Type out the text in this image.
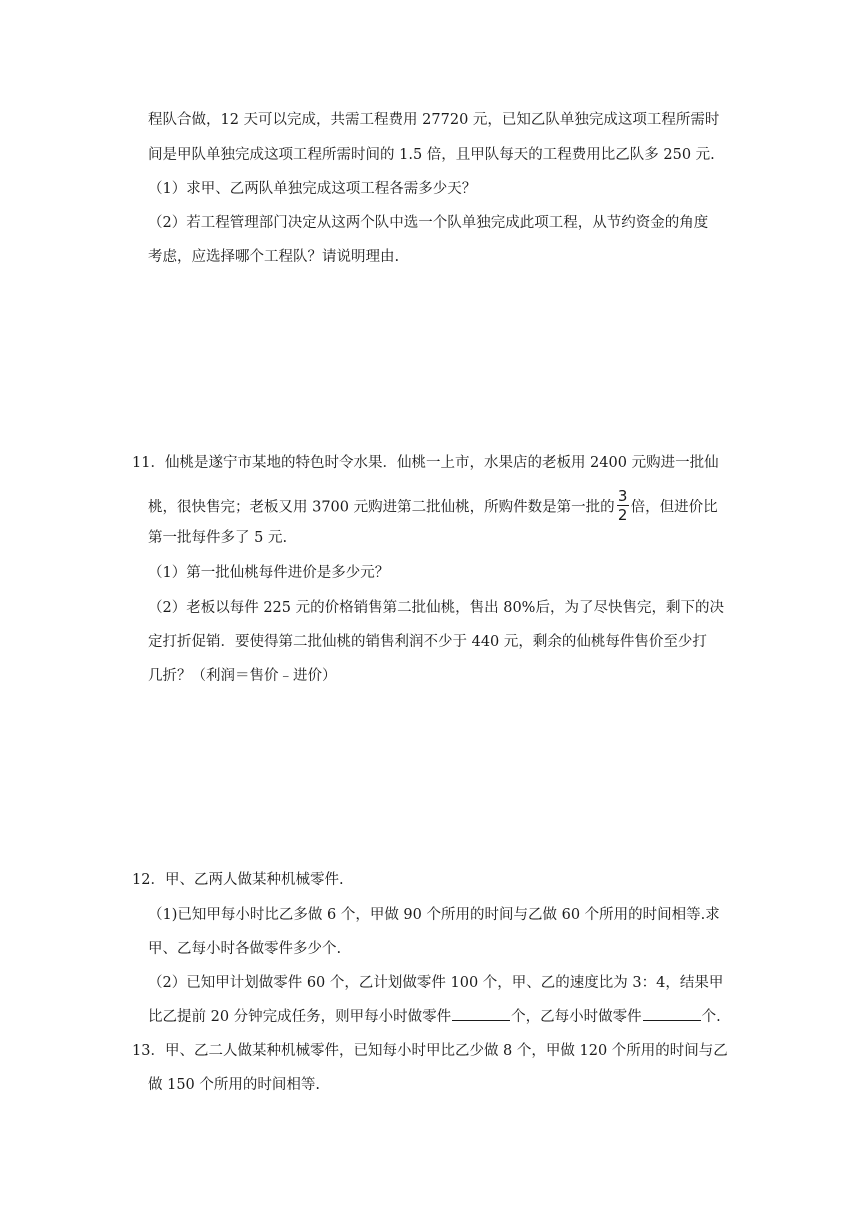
程队合做，12 天可以完成，共需工程费用 27720 元，已知乙队单独完成这项工程所需时
间是甲队单独完成这项工程所需时间的 1.5 倍，且甲队每天的工程费用比乙队多 250 元.
（1）求甲、乙两队单独完成这项工程各需多少天？
（2）若工程管理部门决定从这两个队中选一个队单独完成此项工程，从节约资金的角度
考虑，应选择哪个工程队？请说明理由.
11．仙桃是遂宁市某地的特色时令水果．仙桃一上市，水果店的老板用 2400 元购进一批仙
桃，很快售完；老板又用 3700 元购进第二批仙桃，所购件数是第一批的 $\frac{3}{2}$ 倍，但进价比
第一批每件多了 5 元.
（1）第一批仙桃每件进价是多少元？
（2）老板以每件 225 元的价格销售第二批仙桃，售出 80%后，为了尽快售完，剩下的决
定打折促销．要使得第二批仙桃的销售利润不少于 440 元，剩余的仙桃每件售价至少打
几折？（利润＝售价﹣进价）
12．甲、乙两人做某种机械零件.
（1)已知甲每小时比乙多做 6 个，甲做 90 个所用的时间与乙做 60 个所用的时间相等.求
甲、乙每小时各做零件多少个.
（2）已知甲计划做零件 60 个，乙计划做零件 100 个，甲、乙的速度比为 3：4，结果甲
比乙提前 20 分钟完成任务，则甲每小时做零件	个，乙每小时做零件	个.
13．甲、乙二人做某种机械零件，已知每小时甲比乙少做 8 个，甲做 120 个所用的时间与乙
做 150 个所用的时间相等.
